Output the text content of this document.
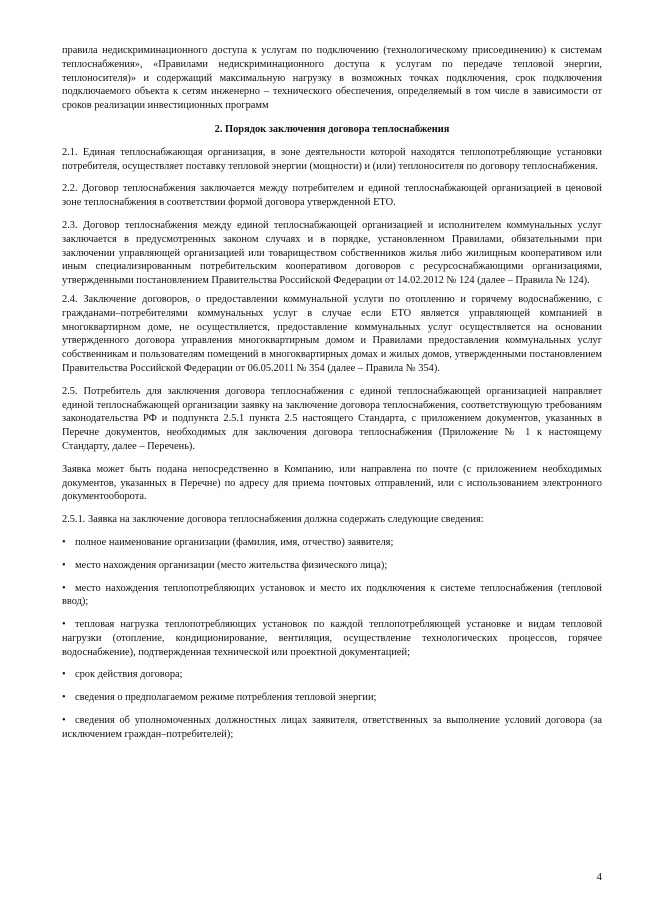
правила недискриминационного доступа к услугам по подключению (технологическому присоединению) к системам теплоснабжения», «Правилами недискриминационного доступа к услугам по передаче тепловой энергии, теплоносителя)» и содержащий максимальную нагрузку в возможных точках подключения, срок подключения подключаемого объекта к сетям инженерно – технического обеспечения, определяемый в том числе в зависимости от сроков реализации инвестиционных программ

2. Порядок заключения договора теплоснабжения

2.1. Единая теплоснабжающая организация, в зоне деятельности которой находятся теплопотребляющие установки потребителя, осуществляет поставку тепловой энергии (мощности) и (или) теплоносителя по договору теплоснабжения.

2.2. Договор теплоснабжения заключается между потребителем и единой теплоснабжающей организацией в ценовой зоне теплоснабжения в соответствии формой договора утвержденной ЕТО.

2.3. Договор теплоснабжения между единой теплоснабжающей организацией и исполнителем коммунальных услуг заключается в предусмотренных законом случаях и в порядке, установленном Правилами, обязательными при заключении управляющей организацией или товариществом собственников жилья либо жилищным кооперативом или иным специализированным потребительским кооперативом договоров с ресурсоснабжающими организациями, утвержденными постановлением Правительства Российской Федерации от 14.02.2012 № 124 (далее – Правила № 124).

2.4. Заключение договоров, о предоставлении коммунальной услуги по отоплению и горячему водоснабжению, с гражданами–потребителями коммунальных услуг в случае если ЕТО является управляющей компанией в многоквартирном доме, не осуществляется, предоставление коммунальных услуг осуществляется на основании утвержденного договора управления многоквартирным домом и Правилами предоставления коммунальных услуг собственникам и пользователям помещений в многоквартирных домах и жилых домов, утвержденными постановлением Правительства Российской Федерации от 06.05.2011 № 354 (далее – Правила № 354).

2.5. Потребитель для заключения договора теплоснабжения с единой теплоснабжающей организацией направляет единой теплоснабжающей организации заявку на заключение договора теплоснабжения, соответствующую требованиям законодательства РФ и подпункта 2.5.1 пункта 2.5 настоящего Стандарта, с приложением документов, указанных в Перечне документов, необходимых для заключения договора теплоснабжения (Приложение № 1 к настоящему Стандарту, далее – Перечень).

Заявка может быть подана непосредственно в Компанию, или направлена по почте (с приложением необходимых документов, указанных в Перечне) по адресу для приема почтовых отправлений, или с использованием электронного документооборота.

2.5.1. Заявка на заключение договора теплоснабжения должна содержать следующие сведения:

• полное наименование организации (фамилия, имя, отчество) заявителя;
• место нахождения организации (место жительства физического лица);
• место нахождения теплопотребляющих установок и место их подключения к системе теплоснабжения (тепловой ввод);
• тепловая нагрузка теплопотребляющих установок по каждой теплопотребляющей установке и видам тепловой нагрузки (отопление, кондиционирование, вентиляция, осуществление технологических процессов, горячее водоснабжение), подтвержденная технической или проектной документацией;
• срок действия договора;
• сведения о предполагаемом режиме потребления тепловой энергии;
• сведения об уполномоченных должностных лицах заявителя, ответственных за выполнение условий договора (за исключением граждан–потребителей);
4
